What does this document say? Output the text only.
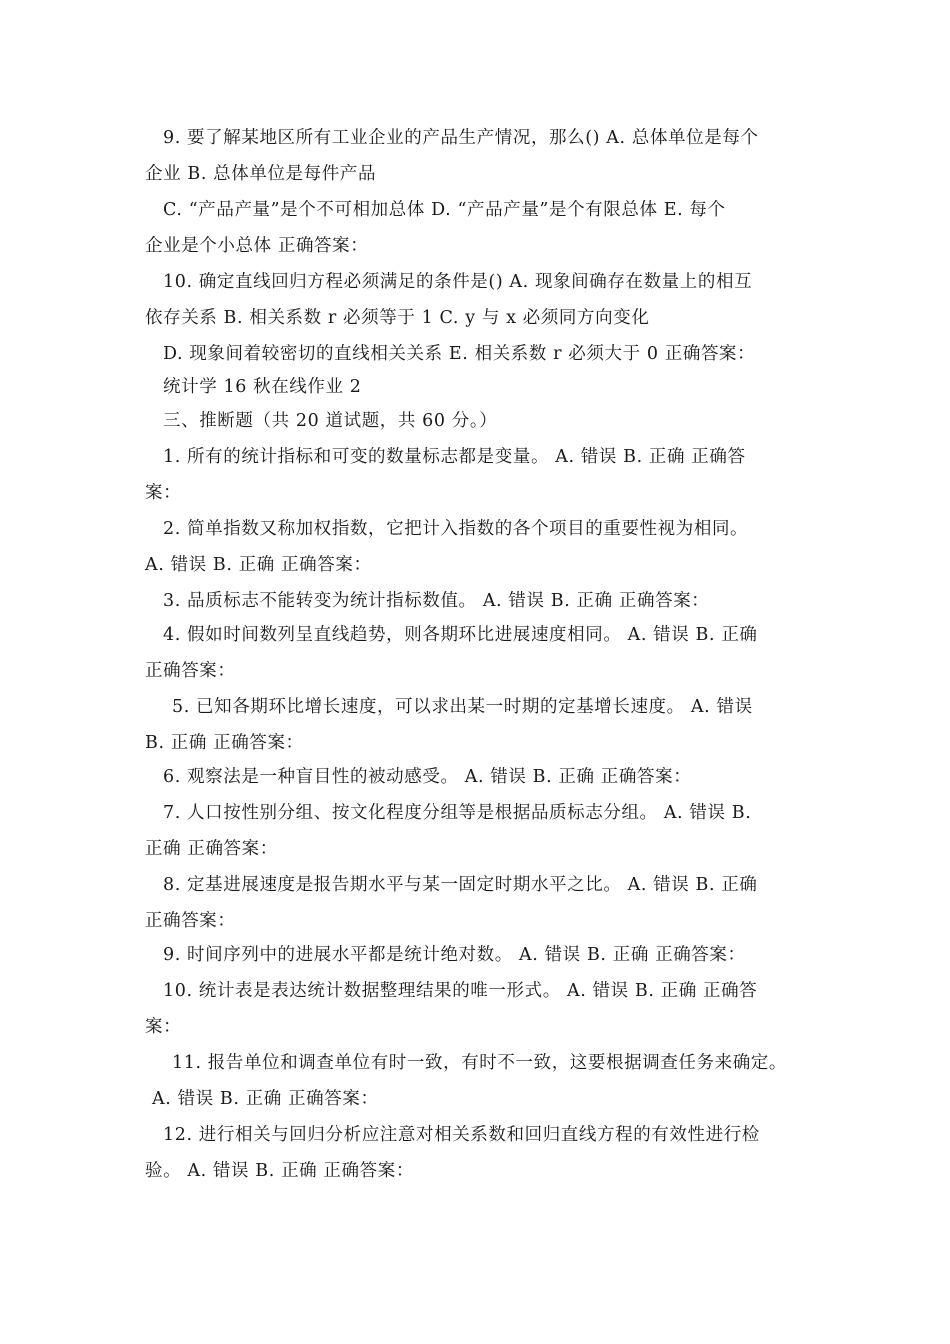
9. 要了解某地区所有工业企业的产品生产情况，那么() A. 总体单位是每个
企业 B. 总体单位是每件产品
C. “产品产量”是个不可相加总体 D. “产品产量”是个有限总体 E. 每个
企业是个小总体 正确答案：
10. 确定直线回归方程必须满足的条件是() A. 现象间确存在数量上的相互
依存关系 B. 相关系数 r 必须等于 1 C. y 与 x 必须同方向变化
D. 现象间着较密切的直线相关关系 E. 相关系数 r 必须大于 0 正确答案：
统计学 16 秋在线作业 2
三、推断题（共 20 道试题，共 60 分。）
1. 所有的统计指标和可变的数量标志都是变量。 A. 错误 B. 正确 正确答
案：
2. 简单指数又称加权指数，它把计入指数的各个项目的重要性视为相同。
A. 错误 B. 正确 正确答案：
3. 品质标志不能转变为统计指标数值。 A. 错误 B. 正确 正确答案：
4. 假如时间数列呈直线趋势，则各期环比进展速度相同。 A. 错误 B. 正确
正确答案：
5. 已知各期环比增长速度，可以求出某一时期的定基增长速度。 A. 错误
B. 正确 正确答案：
6. 观察法是一种盲目性的被动感受。 A. 错误 B. 正确 正确答案：
7. 人口按性别分组、按文化程度分组等是根据品质标志分组。 A. 错误 B.
正确 正确答案：
8. 定基进展速度是报告期水平与某一固定时期水平之比。 A. 错误 B. 正确
正确答案：
9. 时间序列中的进展水平都是统计绝对数。 A. 错误 B. 正确 正确答案：
10. 统计表是表达统计数据整理结果的唯一形式。 A. 错误 B. 正确 正确答
案：
11. 报告单位和调查单位有时一致，有时不一致，这要根据调查任务来确定。
A. 错误 B. 正确 正确答案：
12. 进行相关与回归分析应注意对相关系数和回归直线方程的有效性进行检
验。 A. 错误 B. 正确 正确答案：
